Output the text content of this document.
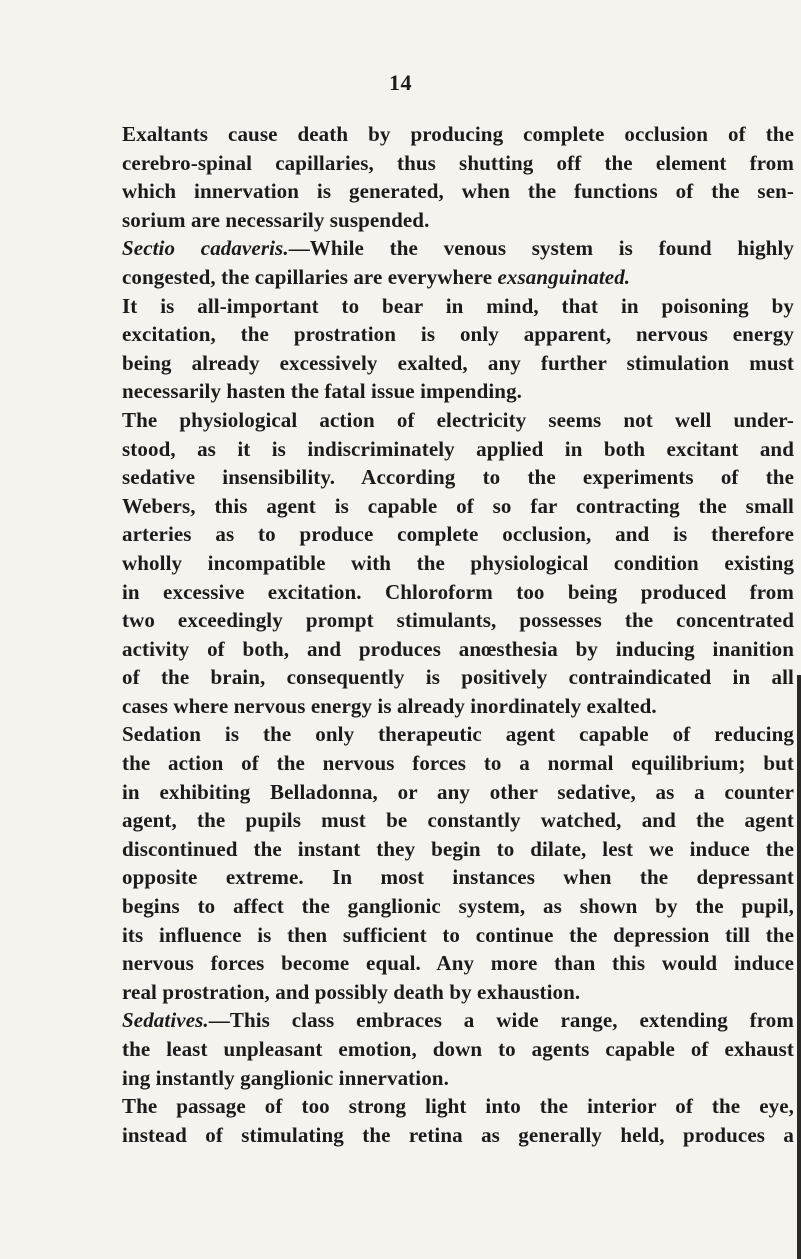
14
Exaltants cause death by producing complete occlusion of the
cerebro-spinal capillaries, thus shutting off the element from
which innervation is generated, when the functions of the sen-
sorium are necessarily suspended.
Sectio cadaveris.—While the venous system is found highly
congested, the capillaries are everywhere exsanguinated.
It is all-important to bear in mind, that in poisoning by
excitation, the prostration is only apparent, nervous energy
being already excessively exalted, any further stimulation must
necessarily hasten the fatal issue impending.
The physiological action of electricity seems not well under-
stood, as it is indiscriminately applied in both excitant and
sedative insensibility. According to the experiments of the
Webers, this agent is capable of so far contracting the small
arteries as to produce complete occlusion, and is therefore
wholly incompatible with the physiological condition existing
in excessive excitation. Chloroform too being produced from
two exceedingly prompt stimulants, possesses the concentrated
activity of both, and produces anœsthesia by inducing inanition
of the brain, consequently is positively contraindicated in all
cases where nervous energy is already inordinately exalted.
Sedation is the only therapeutic agent capable of reducing
the action of the nervous forces to a normal equilibrium; but
in exhibiting Belladonna, or any other sedative, as a counter
agent, the pupils must be constantly watched, and the agent
discontinued the instant they begin to dilate, lest we induce the
opposite extreme. In most instances when the depressant
begins to affect the ganglionic system, as shown by the pupil,
its influence is then sufficient to continue the depression till the
nervous forces become equal. Any more than this would induce
real prostration, and possibly death by exhaustion.
Sedatives.—This class embraces a wide range, extending from
the least unpleasant emotion, down to agents capable of exhaust
ing instantly ganglionic innervation.
The passage of too strong light into the interior of the eye,
instead of stimulating the retina as generally held, produces a
